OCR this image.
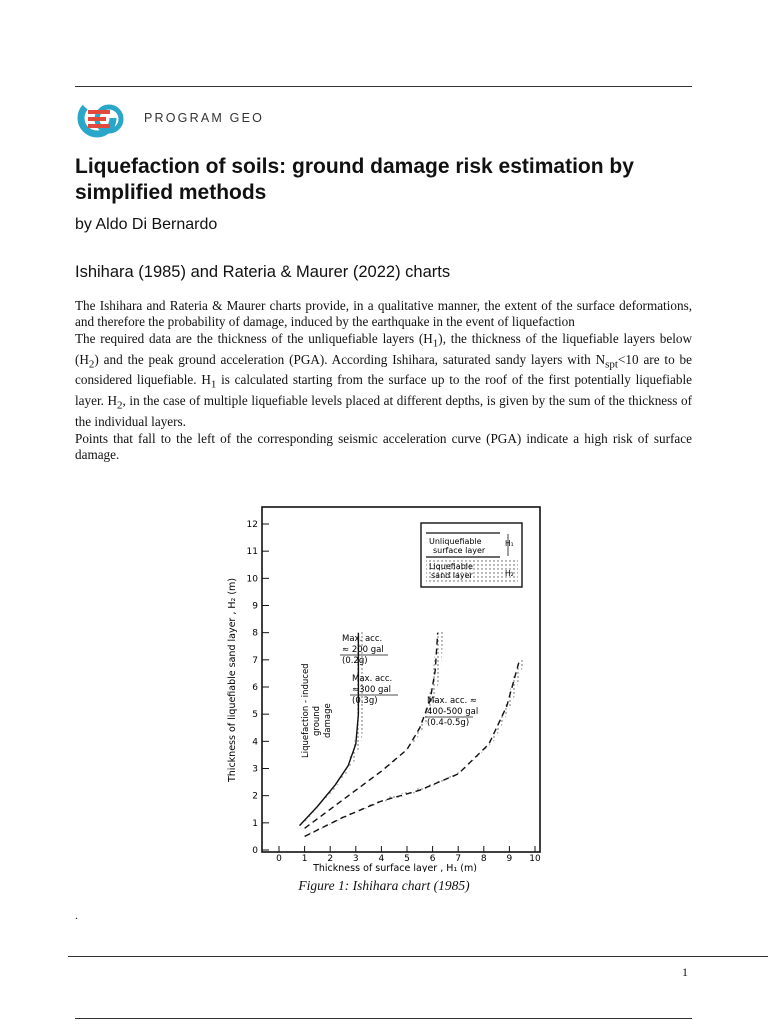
PROGRAM GEO
Liquefaction of soils: ground damage risk estimation by simplified methods
by Aldo Di Bernardo
Ishihara (1985) and Rateria & Maurer (2022) charts

The Ishihara and Rateria & Maurer charts provide, in a qualitative manner, the extent of the surface deformations, and therefore the probability of damage, induced by the earthquake in the event of liquefaction

The required data are the thickness of the unliquefiable layers $(H_1)$, the thickness of the liquefiable layers below $(H_2)$ and the peak ground acceleration (PGA). According Ishihara, saturated sandy layers with $N_{spt}<10$ are to be considered liquefiable. $H_1$ is calculated starting from the surface up to the roof of the first potentially liquefiable layer. $H_2$, in the case of multiple liquefiable levels placed at different depths, is given by the sum of the thickness of the individual layers.

Points that fall to the left of the corresponding seismic acceleration curve (PGA) indicate a high risk of surface damage.

0 1 2 3 4 5 6 7 8 9 10
0
1
2
3
4
5
6
7
8
9
10
11
12
Max. acc.
≈ 200 gal
(0.2g)
Max. acc.
≈300 gal
(0.3g)	Max. acc. ≈
400-500 gal
(0.4-0.5g)
Thickness of surface layer , H₁ (m)
Thickness of liquefiable sand layer , H₂ (m)
Unliquefiable
surface layer
Liquefiable
sand layer
H₁
H₂
Liquefaction - induced ground damage
Figure 1: Ishihara chart (1985)
.
1
